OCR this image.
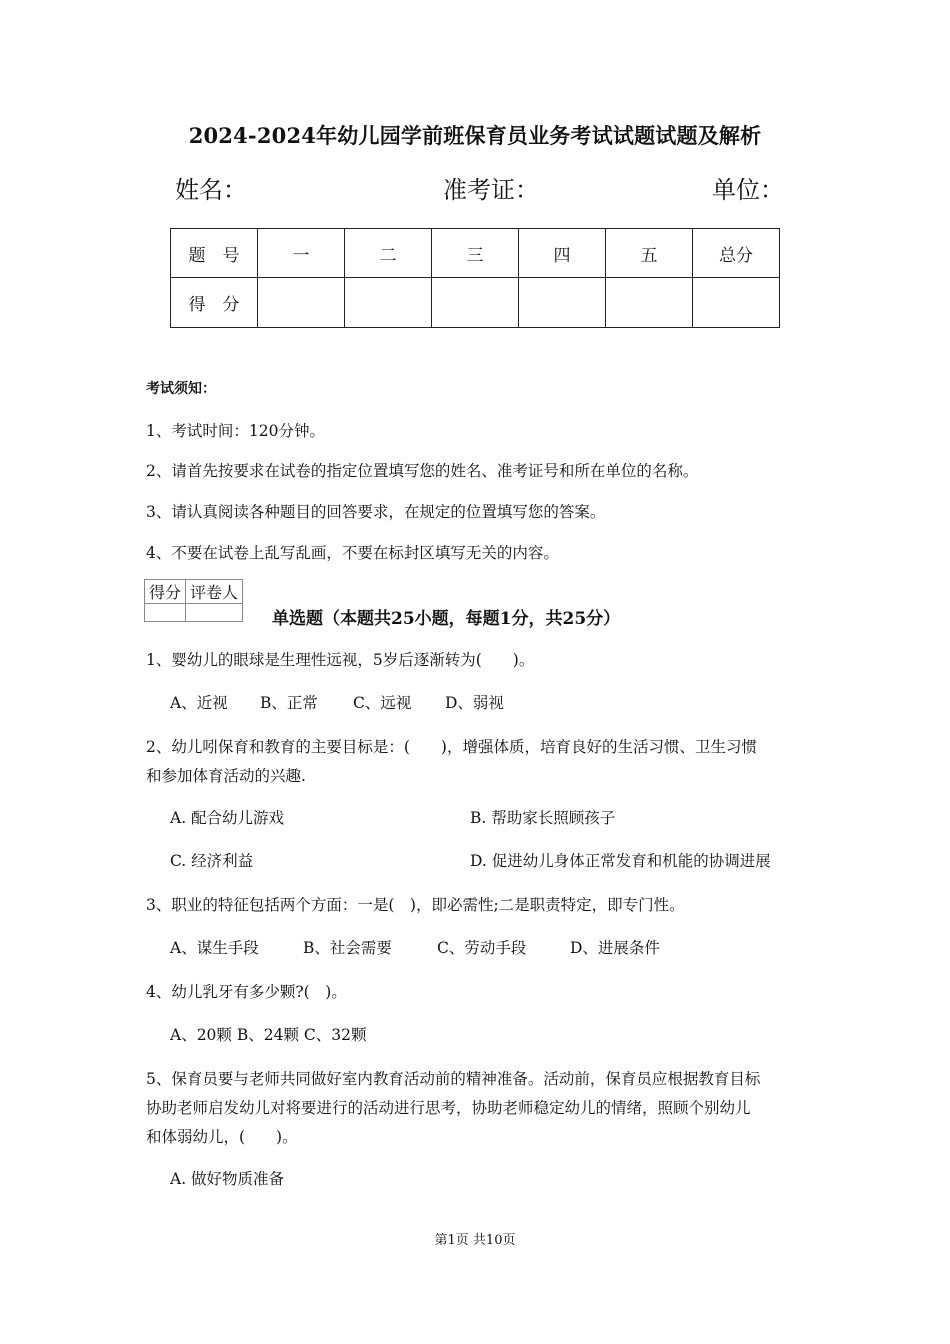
2024-2024年幼儿园学前班保育员业务考试试题试题及解析
姓名：	准考证：	单位：
题　号	一	二	三	四	五	总分
得　分						
考试须知：
1、考试时间：120分钟。
2、请首先按要求在试卷的指定位置填写您的姓名、准考证号和所在单位的名称。
3、请认真阅读各种题目的回答要求，在规定的位置填写您的答案。
4、不要在试卷上乱写乱画，不要在标封区填写无关的内容。
得分	评卷人

单选题（本题共25小题，每题1分，共25分）
1、婴幼儿的眼球是生理性远视，5岁后逐渐转为(　　)。
A、近视 B、正常 C、远视 D、弱视
2、幼儿吲保育和教育的主要目标是：(　　)，增强体质，培育良好的生活习惯、卫生习惯
和参加体育活动的兴趣.
A. 配合幼儿游戏	B. 帮助家长照顾孩子
C. 经济利益	D. 促进幼儿身体正常发育和机能的协调进展
3、职业的特征包括两个方面：一是(　)，即必需性;二是职责特定，即专门性。
A、谋生手段	B、社会需要	C、劳动手段	D、进展条件
4、幼儿乳牙有多少颗?(　)。
A、20颗 B、24颗 C、32颗
5、保育员要与老师共同做好室内教育活动前的精神准备。活动前，保育员应根据教育目标
协助老师启发幼儿对将要进行的活动进行思考，协助老师稳定幼儿的情绪，照顾个别幼儿
和体弱幼儿，(　　)。
A. 做好物质准备
第1页 共10页
